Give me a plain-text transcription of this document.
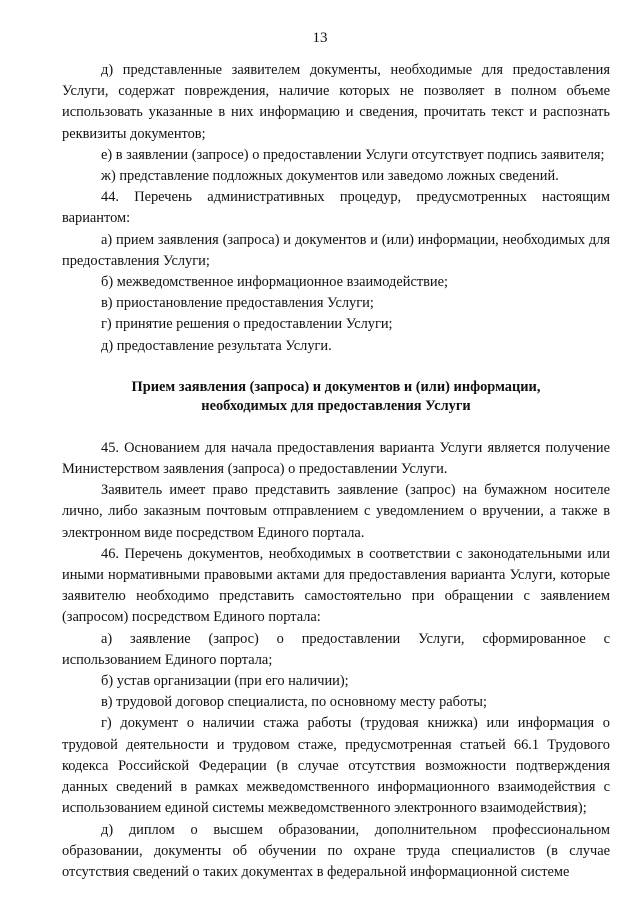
13

д) представленные заявителем документы, необходимые для предоставления Услуги, содержат повреждения, наличие которых не позволяет в полном объеме использовать указанные в них информацию и сведения, прочитать текст и распознать реквизиты документов;

е) в заявлении (запросе) о предоставлении Услуги отсутствует подпись заявителя;

ж) представление подложных документов или заведомо ложных сведений.

44. Перечень административных процедур, предусмотренных настоящим вариантом:

а) прием заявления (запроса) и документов и (или) информации, необходимых для предоставления Услуги;

б) межведомственное информационное взаимодействие;

в) приостановление предоставления Услуги;

г) принятие решения о предоставлении Услуги;

д) предоставление результата Услуги.

Прием заявления (запроса) и документов и (или) информации,
необходимых для предоставления Услуги

45. Основанием для начала предоставления варианта Услуги является получение Министерством заявления (запроса) о предоставлении Услуги.

Заявитель имеет право представить заявление (запрос) на бумажном носителе лично, либо заказным почтовым отправлением с уведомлением о вручении, а также в электронном виде посредством Единого портала.

46. Перечень документов, необходимых в соответствии с законодательными или иными нормативными правовыми актами для предоставления варианта Услуги, которые заявителю необходимо представить самостоятельно при обращении с заявлением (запросом) посредством Единого портала:

а) заявление (запрос) о предоставлении Услуги, сформированное с использованием Единого портала;

б) устав организации (при его наличии);

в) трудовой договор специалиста, по основному месту работы;

г) документ о наличии стажа работы (трудовая книжка) или информация о трудовой деятельности и трудовом стаже, предусмотренная статьей 66.1 Трудового кодекса Российской Федерации (в случае отсутствия возможности подтверждения данных сведений в рамках межведомственного информационного взаимодействия с использованием единой системы межведомственного электронного взаимодействия);

д) диплом о высшем образовании, дополнительном профессиональном образовании, документы об обучении по охране труда специалистов (в случае отсутствия сведений о таких документах в федеральной информационной системе
